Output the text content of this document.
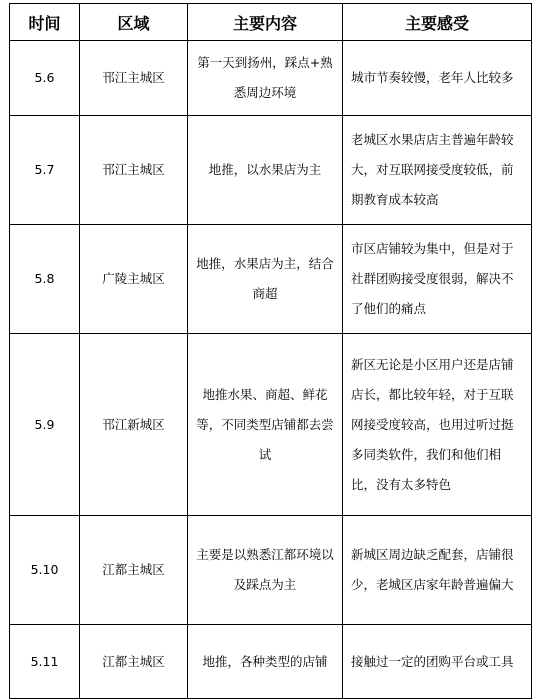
时间	区域	主要内容	主要感受
5.6	邗江主城区	第一天到扬州，踩点+熟悉周边环境	城市节奏较慢，老年人比较多
5.7	邗江主城区	地推，以水果店为主	老城区水果店店主普遍年龄较大，对互联网接受度较低，前期教育成本较高
5.8	广陵主城区	地推，水果店为主，结合商超	市区店铺较为集中，但是对于社群团购接受度很弱，解决不了他们的痛点
5.9	邗江新城区	地推水果、商超、鲜花等，不同类型店铺都去尝试	新区无论是小区用户还是店铺店长，都比较年轻，对于互联网接受度较高，也用过听过挺多同类软件，我们和他们相比，没有太多特色
5.10	江都主城区	主要是以熟悉江都环境以及踩点为主	新城区周边缺乏配套，店铺很少，老城区店家年龄普遍偏大
5.11	江都主城区	地推，各种类型的店铺	接触过一定的团购平台或工具
